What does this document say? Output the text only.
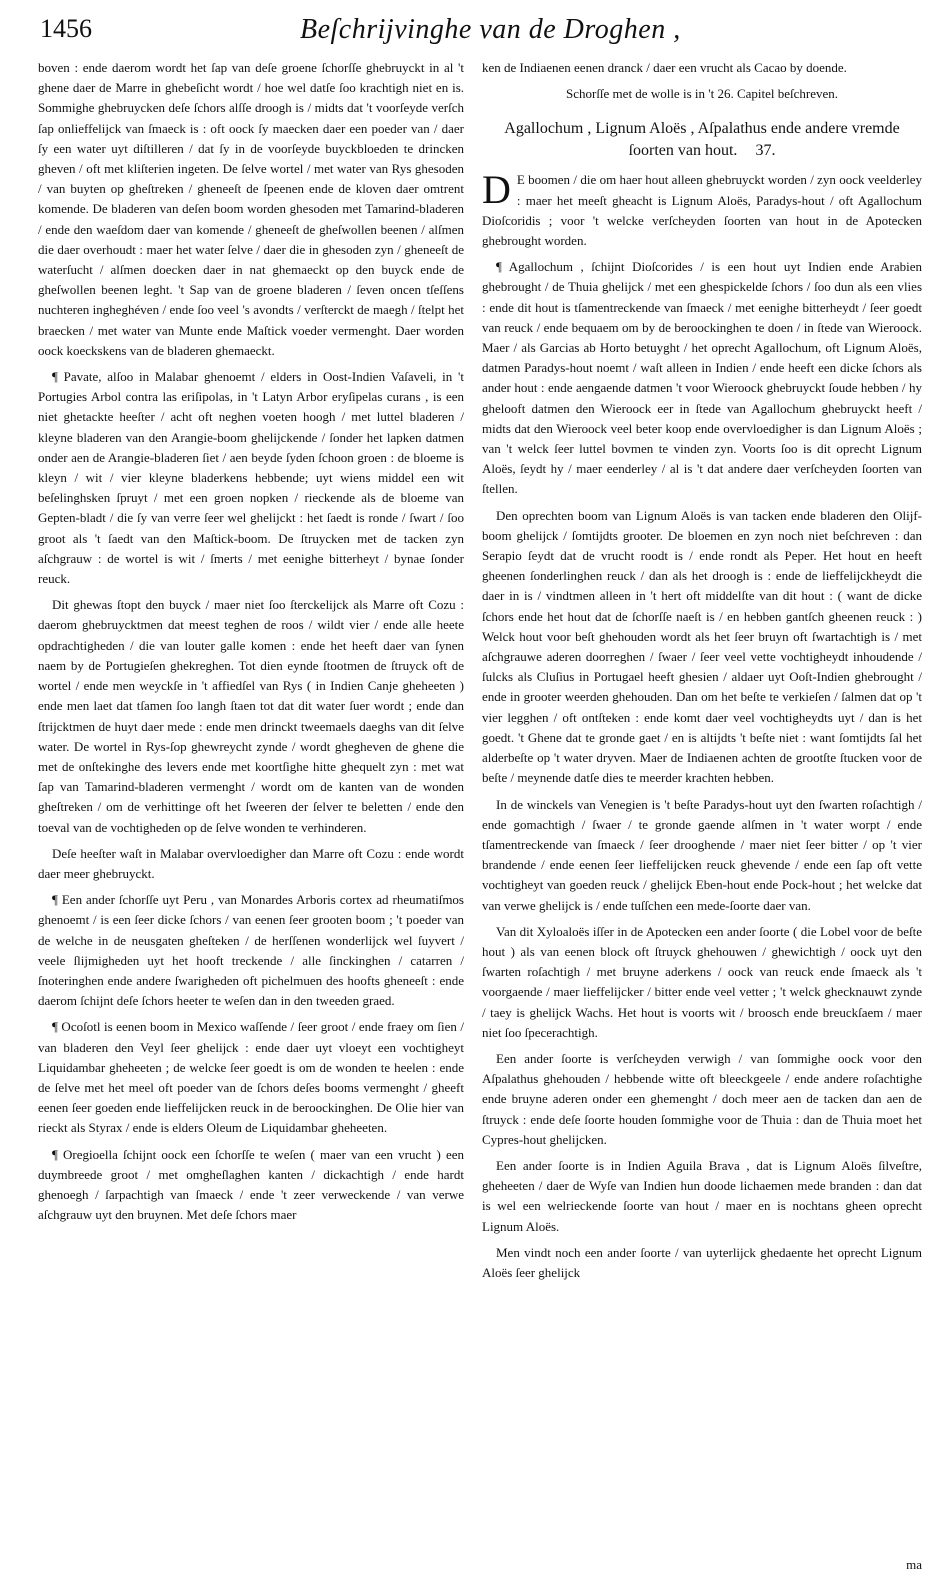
1456	Beſchrijvinghe van de Droghen ,

boven : ende daerom wordt het ſap van deſe groene ſchorſſe ghebruyckt in al 't ghene daer de Marre in ghebeſicht wordt / hoe wel datſe ſoo krachtigh niet en is. Sommighe ghebruycken deſe ſchors alſſe droogh is / midts dat 't voorſeyde verſch ſap onlieffelijck van ſmaeck is : oft oock ſy maecken daer een poeder van / daer ſy een water uyt diſtilleren / dat ſy in de voorſeyde buyckbloeden te drincken gheven / oft met kliſterien ingeten. De ſelve wortel / met water van Rys ghesoden / van buyten op gheſtreken / gheneeſt de ſpeenen ende de kloven daer omtrent komende. De bladeren van deſen boom worden ghesoden met Tamarind-bladeren / ende den waeſdom daer van komende / gheneeſt de gheſwollen beenen / alſmen die daer overhoudt : maer het water ſelve / daer die in ghesoden zyn / gheneeſt de waterſucht / alſmen doecken daer in nat ghemaeckt op den buyck ende de gheſwollen beenen leght. 't Sap van de groene bladeren / ſeven oncen tſeſſens nuchteren ingheghéven / ende ſoo veel 's avondts / verſterckt de maegh / ſtelpt het braecken / met water van Munte ende Maſtick voeder vermenght. Daer worden oock koeckskens van de bladeren ghemaeckt.

¶ Pavate, alſoo in Malabar ghenoemt / elders in Oost-Indien Vaſaveli, in 't Portugies Arbol contra las eriſipolas, in 't Latyn Arbor eryſipelas curans , is een niet ghetackte heeſter / acht oft neghen voeten hoogh / met luttel bladeren / kleyne bladeren van den Arangie-boom ghelijckende / ſonder het lapken datmen onder aen de Arangie-bladeren ſiet / aen beyde ſyden ſchoon groen : de bloeme is kleyn / wit / vier kleyne bladerkens hebbende; uyt wiens middel een wit beſelinghsken ſpruyt / met een groen nopken / rieckende als de bloeme van Gepten-bladt / die ſy van verre ſeer wel ghelijckt : het ſaedt is ronde / ſwart / ſoo groot als 't ſaedt van den Maſtick-boom. De ſtruycken met de tacken zyn aſchgrauw : de wortel is wit / ſmerts / met eenighe bitterheyt / bynae ſonder reuck.

Dit ghewas ſtopt den buyck / maer niet ſoo ſterckelijck als Marre oft Cozu : daerom ghebruycktmen dat meest teghen de roos / wildt vier / ende alle heete opdrachtigheden / die van louter galle komen : ende het heeft daer van ſynen naem by de Portugieſen ghekreghen. Tot dien eynde ſtootmen de ſtruyck oft de wortel / ende men weyckſe in 't affiedſel van Rys ( in Indien Canje gheheeten ) ende men laet dat tſamen ſoo langh ſtaen tot dat dit water ſuer wordt ; ende dan ſtrijcktmen de huyt daer mede : ende men drinckt tweemaels daeghs van dit ſelve water. De wortel in Rys-ſop ghewreycht zynde / wordt ghegheven de ghene die met de onſtekinghe des levers ende met koortſighe hitte ghequelt zyn : met wat ſap van Tamarind-bladeren vermenght / wordt om de kanten van de wonden gheſtreken / om de verhittinge oft het ſweeren der ſelver te beletten / ende den toeval van de vochtigheden op de ſelve wonden te verhinderen.

Deſe heeſter waſt in Malabar overvloedigher dan Marre oft Cozu : ende wordt daer meer ghebruyckt.

¶ Een ander ſchorſſe uyt Peru , van Monardes Arboris cortex ad rheumatiſmos ghenoemt / is een ſeer dicke ſchors / van eenen ſeer grooten boom ; 't poeder van de welche in de neusgaten gheſteken / de herſſenen wonderlijck wel ſuyvert / veele ſlijmigheden uyt het hooft treckende / alle ſinckinghen / catarren / ſnoteringhen ende andere ſwarigheden oft pichelmuen des hoofts gheneeſt : ende daerom ſchijnt deſe ſchors heeter te weſen dan in den tweeden graed.

¶ Ocoſotl is eenen boom in Mexico waſſende / ſeer groot / ende fraey om ſien / van bladeren den Veyl ſeer ghelijck : ende daer uyt vloeyt een vochtigheyt Liquidambar gheheeten ; de welcke ſeer goedt is om de wonden te heelen : ende de ſelve met het meel oft poeder van de ſchors deſes booms vermenght / gheeft eenen ſeer goeden ende lieffelijcken reuck in de beroockinghen. De Olie hier van rieckt als Styrax / ende is elders Oleum de Liquidambar gheheeten.

¶ Oregioella ſchijnt oock een ſchorſſe te weſen ( maer van een vrucht ) een duymbreede groot / met omgheſlaghen kanten / dickachtigh / ende hardt ghenoegh / ſarpachtigh van ſmaeck / ende 't zeer verweckende / van verwe aſchgrauw uyt den bruynen. Met deſe ſchors maer

ken de Indiaenen eenen dranck / daer een vrucht als Cacao by doende.

Schorſſe met de wolle is in 't 26. Capitel beſchreven.

Agallochum , Lignum Aloës , Aſpalathus ende andere vremde ſoorten van hout. 37.

D E boomen / die om haer hout alleen ghebruyckt worden / zyn oock veelderley : maer het meeſt gheacht is Lignum Aloës, Paradys-hout / oft Agallochum Dioſcoridis ; voor 't welcke verſcheyden ſoorten van hout in de Apotecken ghebrought worden.

¶ Agallochum , ſchijnt Dioſcorides / is een hout uyt Indien ende Arabien ghebrought / de Thuia ghelijck / met een ghespickelde ſchors / ſoo dun als een vlies : ende dit hout is tſamentreckende van ſmaeck / met eenighe bitterheydt / ſeer goedt van reuck / ende bequaem om by de beroockinghen te doen / in ſtede van Wieroock. Maer / als Garcias ab Horto betuyght / het oprecht Agallochum, oft Lignum Aloës, datmen Paradys-hout noemt / waſt alleen in Indien / ende heeft een dicke ſchors als ander hout : ende aengaende datmen 't voor Wieroock ghebruyckt ſoude hebben / hy ghelooft datmen den Wieroock eer in ſtede van Agallochum ghebruyckt heeft / midts dat den Wieroock veel beter koop ende overvloedigher is dan Lignum Aloës ; van 't welck ſeer luttel bovmen te vinden zyn. Voorts ſoo is dit oprecht Lignum Aloës, ſeydt hy / maer eenderley / al is 't dat andere daer verſcheyden ſoorten van ſtellen.

Den oprechten boom van Lignum Aloës is van tacken ende bladeren den Olijf-boom ghelijck / ſomtijdts grooter. De bloemen en zyn noch niet beſchreven : dan Serapio ſeydt dat de vrucht roodt is / ende rondt als Peper. Het hout en heeft gheenen ſonderlinghen reuck / dan als het droogh is : ende de lieffelijckheydt die daer in is / vindtmen alleen in 't hert oft middelſte van dit hout : ( want de dicke ſchors ende het hout dat de ſchorſſe naeſt is / en hebben gantſch gheenen reuck : ) Welck hout voor beſt ghehouden wordt als het ſeer bruyn oft ſwartachtigh is / met aſchgrauwe aderen doorreghen / ſwaer / ſeer veel vette vochtigheydt inhoudende / ſulcks als Cluſius in Portugael heeft ghesien / aldaer uyt Ooſt-Indien ghebrought / ende in grooter weerden ghehouden. Dan om het beſte te verkieſen / ſalmen dat op 't vier legghen / oft ontſteken : ende komt daer veel vochtigheydts uyt / dan is het goedt. 't Ghene dat te gronde gaet / en is altijdts 't beſte niet : want ſomtijdts ſal het alderbeſte op 't water dryven. Maer de Indiaenen achten de grootſte ſtucken voor de beſte / meynende datſe dies te meerder krachten hebben.

In de winckels van Venegien is 't beſte Paradys-hout uyt den ſwarten roſachtigh / ende gomachtigh / ſwaer / te gronde gaende alſmen in 't water worpt / ende tſamentreckende van ſmaeck / ſeer drooghende / maer niet ſeer bitter / op 't vier brandende / ende eenen ſeer lieffelijcken reuck ghevende / ende een ſap oft vette vochtigheyt van goeden reuck / ghelijck Eben-hout ende Pock-hout ; het welcke dat van verwe ghelijck is / ende tuſſchen een mede-ſoorte daer van.

Van dit Xyloaloës iſſer in de Apotecken een ander ſoorte ( die Lobel voor de beſte hout ) als van eenen block oft ſtruyck ghehouwen / ghewichtigh / oock uyt den ſwarten roſachtigh / met bruyne aderkens / oock van reuck ende ſmaeck als 't voorgaende / maer lieffelijcker / bitter ende veel vetter ; 't welck ghecknauwt zynde / taey is ghelijck Wachs. Het hout is voorts wit / broosch ende breuckſaem / maer niet ſoo ſpecerachtigh.

Een ander ſoorte is verſcheyden verwigh / van ſommighe oock voor den Aſpalathus ghehouden / hebbende witte oft bleeckgeele / ende andere roſachtighe ende bruyne aderen onder een ghemenght / doch meer aen de tacken dan aen de ſtruyck : ende deſe ſoorte houden ſommighe voor de Thuia : dan de Thuia moet het Cypres-hout ghelijcken.

Een ander ſoorte is in Indien Aguila Brava , dat is Lignum Aloës ſilveſtre, gheheeten / daer de Wyſe van Indien hun doode lichaemen mede branden : dan dat is wel een welrieckende ſoorte van hout / maer en is nochtans gheen oprecht Lignum Aloës.

Men vindt noch een ander ſoorte / van uyterlijck ghedaente het oprecht Lignum Aloës ſeer ghelijck

ma
